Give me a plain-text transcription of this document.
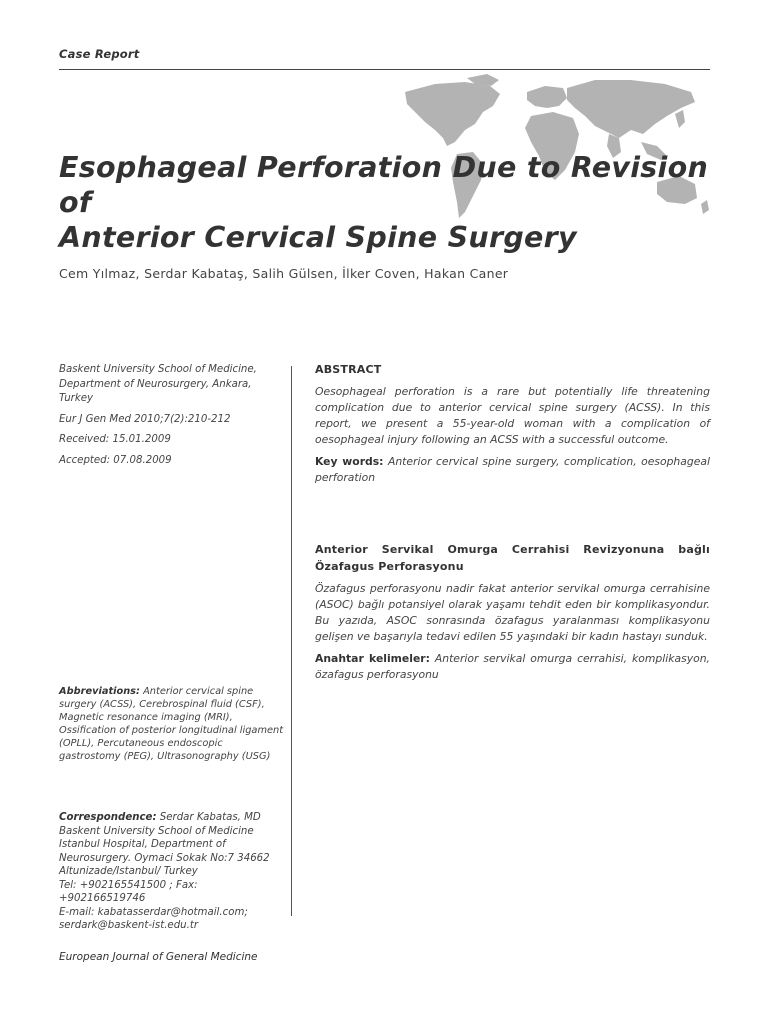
Case Report
Esophageal Perforation Due to Revision of
Anterior Cervical Spine Surgery
Cem Yılmaz, Serdar Kabataş, Salih Gülsen, İlker Coven, Hakan Caner

Baskent University School of Medicine, Department of Neurosurgery, Ankara, Turkey

Eur J Gen Med 2010;7(2):210-212

Received: 15.01.2009

Accepted: 07.08.2009

Abbreviations: Anterior cervical spine surgery (ACSS), Cerebrospinal fluid (CSF), Magnetic resonance imaging (MRI), Ossification of posterior longitudinal ligament (OPLL), Percutaneous endoscopic gastrostomy (PEG), Ultrasonography (USG)

Correspondence: Serdar Kabatas, MD

Baskent University School of Medicine

Istanbul Hospital, Department of Neurosurgery. Oymaci Sokak No:7 34662 Altunizade/Istanbul/ Turkey

Tel: +902165541500 ; Fax: +902166519746

E-mail: kabatasserdar@hotmail.com;

serdark@baskent-ist.edu.tr

ABSTRACT

Oesophageal perforation is a rare but potentially life threatening complication due to anterior cervical spine surgery (ACSS). In this report, we present a 55-year-old woman with a complication of oesophageal injury following an ACSS with a successful outcome.

Key words: Anterior cervical spine surgery, complication, oesophageal perforation

Anterior Servikal Omurga Cerrahisi Revizyonuna bağlı Özafagus Perforasyonu

Özafagus perforasyonu nadir fakat anterior servikal omurga cerrahisine (ASOC) bağlı potansiyel olarak yaşamı tehdit eden bir komplikasyondur. Bu yazıda, ASOC sonrasında özafagus yaralanması komplikasyonu gelişen ve başarıyla tedavi edilen 55 yaşındaki bir kadın hastayı sunduk.

Anahtar kelimeler: Anterior servikal omurga cerrahisi, komplikasyon, özafagus perforasyonu

European Journal of General Medicine
